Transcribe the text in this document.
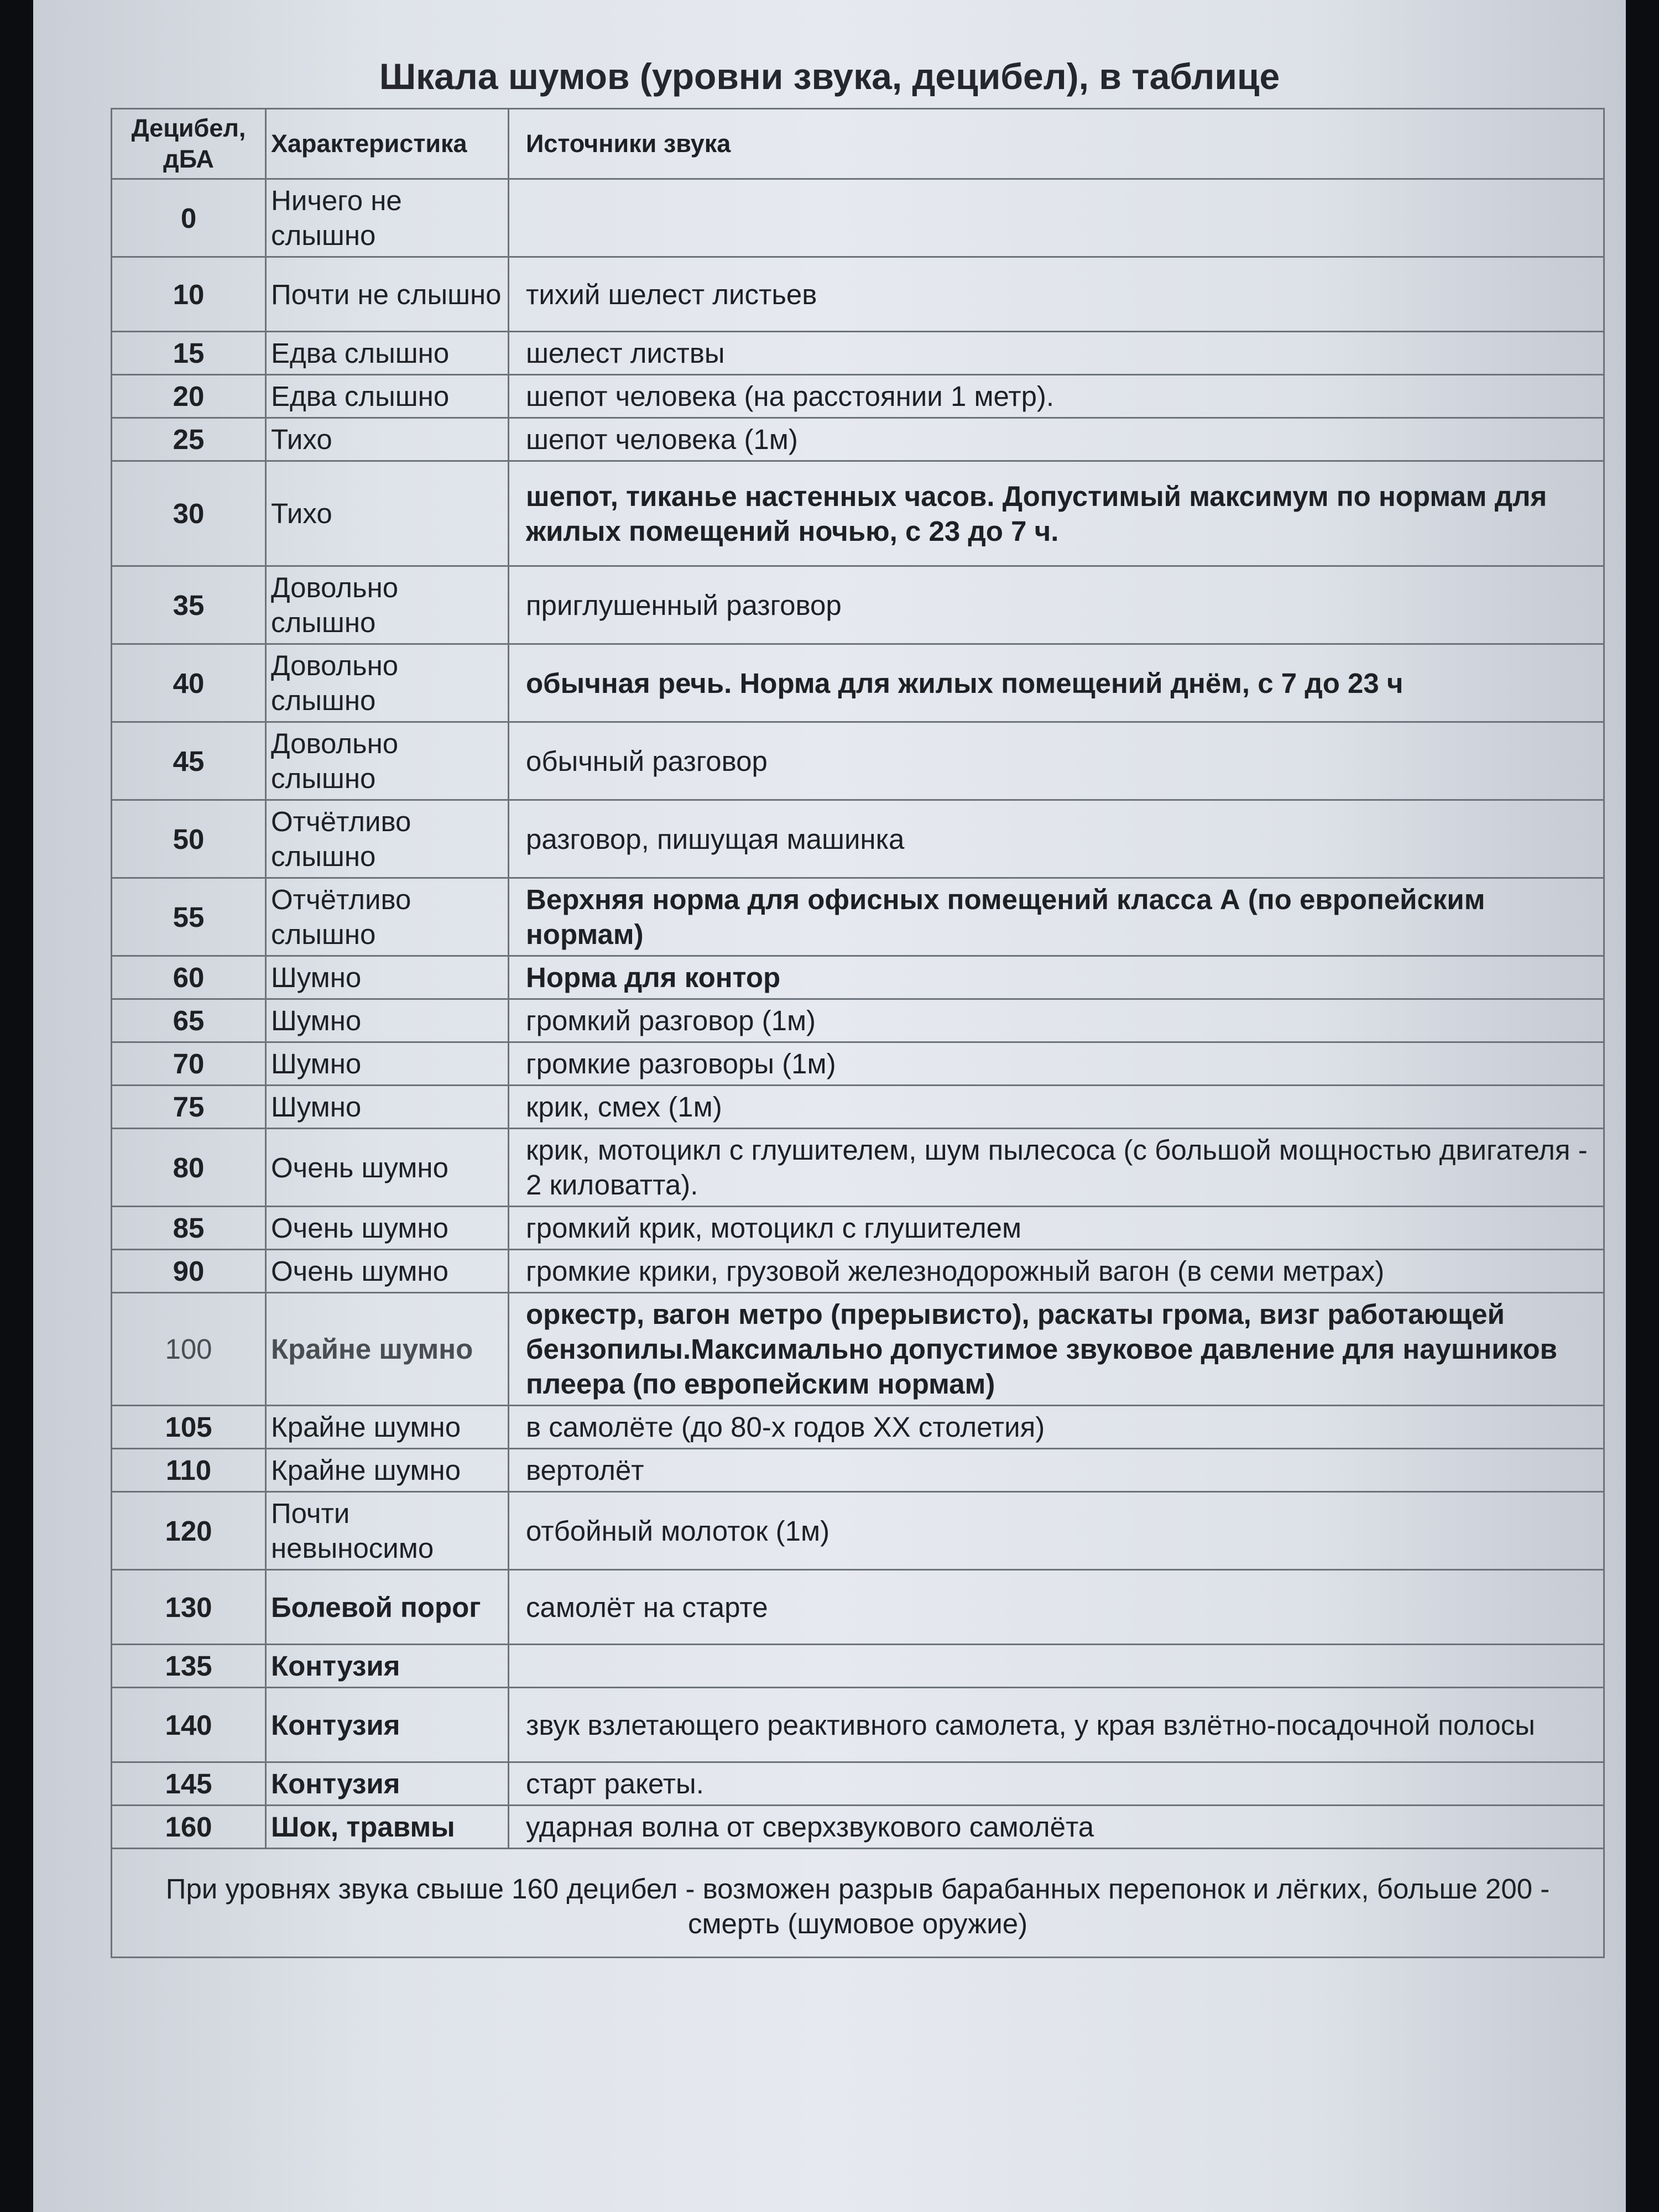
Шкала шумов (уровни звука, децибел), в таблице
Децибел, дБА	Характеристика	Источники звука
0	Ничего не слышно	
10	Почти не слышно	тихий шелест листьев
15	Едва слышно	шелест листвы
20	Едва слышно	шепот человека (на расстоянии 1 метр).
25	Тихо	шепот человека (1м)
30	Тихо	шепот, тиканье настенных часов. Допустимый максимум по нормам для жилых помещений ночью, с 23 до 7 ч.
35	Довольно слышно	приглушенный разговор
40	Довольно слышно	обычная речь. Норма для жилых помещений днём, с 7 до 23 ч
45	Довольно слышно	обычный разговор
50	Отчётливо слышно	разговор, пишущая машинка
55	Отчётливо слышно	Верхняя норма для офисных помещений класса А (по европейским нормам)
60	Шумно	Норма для контор
65	Шумно	громкий разговор (1м)
70	Шумно	громкие разговоры (1м)
75	Шумно	крик, смех (1м)
80	Очень шумно	крик, мотоцикл с глушителем, шум пылесоса (с большой мощностью двигателя - 2 киловатта).
85	Очень шумно	громкий крик, мотоцикл с глушителем
90	Очень шумно	громкие крики, грузовой железнодорожный вагон (в семи метрах)
100	Крайне шумно	оркестр, вагон метро (прерывисто), раскаты грома, визг работающей бензопилы.Максимально допустимое звуковое давление для наушников плеера (по европейским нормам)
105	Крайне шумно	в самолёте (до 80-х годов XX столетия)
110	Крайне шумно	вертолёт
120	Почти невыносимо	отбойный молоток (1м)
130	Болевой порог	самолёт на старте
135	Контузия	
140	Контузия	звук взлетающего реактивного самолета, у края взлётно-посадочной полосы
145	Контузия	старт ракеты.
160	Шок, травмы	ударная волна от сверхзвукового самолёта
При уровнях звука свыше 160 децибел - возможен разрыв барабанных перепонок и лёгких, больше 200 - смерть (шумовое оружие)		
